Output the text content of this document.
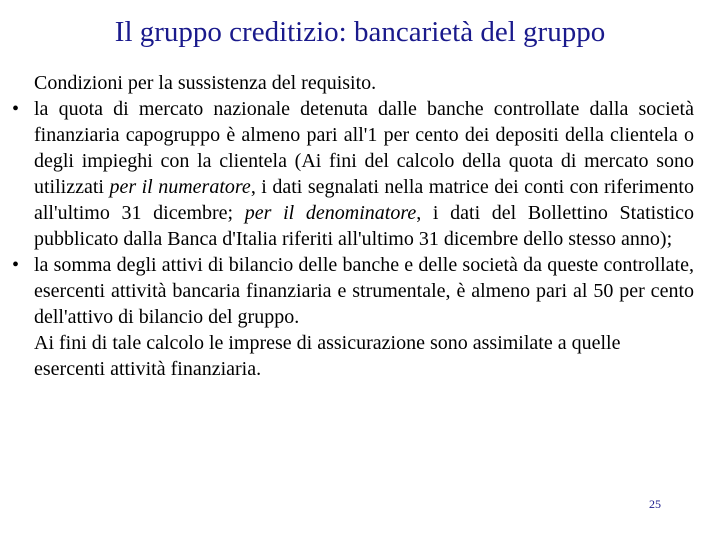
Il gruppo creditizio: bancarietà del gruppo

Condizioni per la sussistenza del requisito.

• la quota di mercato nazionale detenuta dalle banche controllate dalla società finanziaria capogruppo è almeno pari all'1 per cento dei depositi della clientela o degli impieghi con la clientela (Ai fini del calcolo della quota di mercato sono utilizzati per il numeratore, i dati segnalati nella matrice dei conti con riferimento all'ultimo 31 dicembre; per il denominatore, i dati del Bollettino Statistico pubblicato dalla Banca d'Italia riferiti all'ultimo 31 dicembre dello stesso anno);

• la somma degli attivi di bilancio delle banche e delle società da queste controllate, esercenti attività bancaria finanziaria e strumentale, è almeno pari al 50 per cento dell'attivo di bilancio del gruppo.

Ai fini di tale calcolo le imprese di assicurazione sono assimilate a quelle esercenti attività finanziaria.

25
